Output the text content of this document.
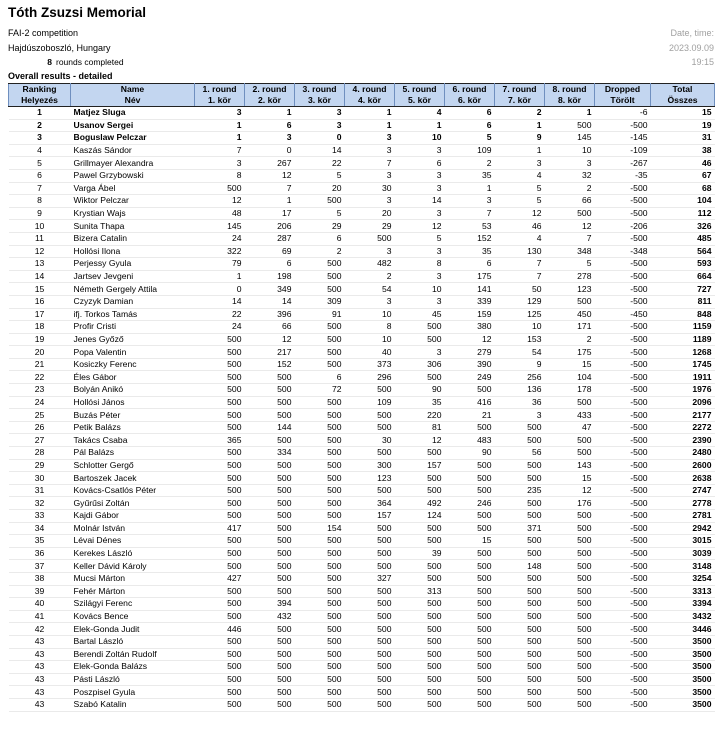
Tóth Zsuzsi Memorial
FAI-2 competition
Hajdúszoboszló, Hungary
8 rounds completed
Date, time:
2023.09.09
19:15
Overall results - detailed
Ranking	Name	1. round	2. round	3. round	4. round	5. round	6. round	7. round	8. round	Dropped	Total
Helyezés	Név	1. kör	2. kör	3. kör	4. kör	5. kör	6. kör	7. kör	8. kör	Törölt	Összes
1	Matjez Sluga	3	1	3	1	4	6	2	1	-6	15
2	Usanov Sergei	1	6	3	1	1	6	1	500	-500	19
3	Boguslaw Pelczar	1	3	0	3	10	5	9	145	-145	31
4	Kaszás Sándor	7	0	14	3	3	109	1	10	-109	38
5	Grillmayer Alexandra	3	267	22	7	6	2	3	3	-267	46
6	Pawel Grzybowski	8	12	5	3	3	35	4	32	-35	67
7	Varga Ábel	500	7	20	30	3	1	5	2	-500	68
8	Wiktor Pelczar	12	1	500	3	14	3	5	66	-500	104
9	Krystian Wajs	48	17	5	20	3	7	12	500	-500	112
10	Sunita Thapa	145	206	29	29	12	53	46	12	-206	326
11	Bizera Catalin	24	287	6	500	5	152	4	7	-500	485
12	Hollósi Ilona	322	69	2	3	3	35	130	348	-348	564
13	Perjessy Gyula	79	6	500	482	8	6	7	5	-500	593
14	Jartsev Jevgeni	1	198	500	2	3	175	7	278	-500	664
15	Németh Gergely Attila	0	349	500	54	10	141	50	123	-500	727
16	Czyzyk Damian	14	14	309	3	3	339	129	500	-500	811
17	ifj. Torkos Tamás	22	396	91	10	45	159	125	450	-450	848
18	Profir Cristi	24	66	500	8	500	380	10	171	-500	1159
19	Jenes Győző	500	12	500	10	500	12	153	2	-500	1189
20	Popa Valentin	500	217	500	40	3	279	54	175	-500	1268
21	Kosiczky Ferenc	500	152	500	373	306	390	9	15	-500	1745
22	Éles Gábor	500	500	6	296	500	249	256	104	-500	1911
23	Bolyán Anikó	500	500	72	500	90	500	136	178	-500	1976
24	Hollósi János	500	500	500	109	35	416	36	500	-500	2096
25	Buzás Péter	500	500	500	500	220	21	3	433	-500	2177
26	Petik Balázs	500	144	500	500	81	500	500	47	-500	2272
27	Takács Csaba	365	500	500	30	12	483	500	500	-500	2390
28	Pál Balázs	500	334	500	500	500	90	56	500	-500	2480
29	Schlotter Gergő	500	500	500	300	157	500	500	143	-500	2600
30	Bartoszek Jacek	500	500	500	123	500	500	500	15	-500	2638
31	Kovács-Csatlós Péter	500	500	500	500	500	500	235	12	-500	2747
32	Gyűrűsi Zoltán	500	500	500	364	492	246	500	176	-500	2778
33	Kajdi Gábor	500	500	500	157	124	500	500	500	-500	2781
34	Molnár István	417	500	154	500	500	500	371	500	-500	2942
35	Lévai Dénes	500	500	500	500	500	15	500	500	-500	3015
36	Kerekes László	500	500	500	500	39	500	500	500	-500	3039
37	Keller Dávid Károly	500	500	500	500	500	500	148	500	-500	3148
38	Mucsi Márton	427	500	500	327	500	500	500	500	-500	3254
39	Fehér Márton	500	500	500	500	313	500	500	500	-500	3313
40	Szilágyi Ferenc	500	394	500	500	500	500	500	500	-500	3394
41	Kovács Bence	500	432	500	500	500	500	500	500	-500	3432
42	Elek-Gonda Judit	446	500	500	500	500	500	500	500	-500	3446
43	Bartal László	500	500	500	500	500	500	500	500	-500	3500
43	Berendi Zoltán Rudolf	500	500	500	500	500	500	500	500	-500	3500
43	Elek-Gonda Balázs	500	500	500	500	500	500	500	500	-500	3500
43	Pásti László	500	500	500	500	500	500	500	500	-500	3500
43	Poszpisel Gyula	500	500	500	500	500	500	500	500	-500	3500
43	Szabó Katalin	500	500	500	500	500	500	500	500	-500	3500
